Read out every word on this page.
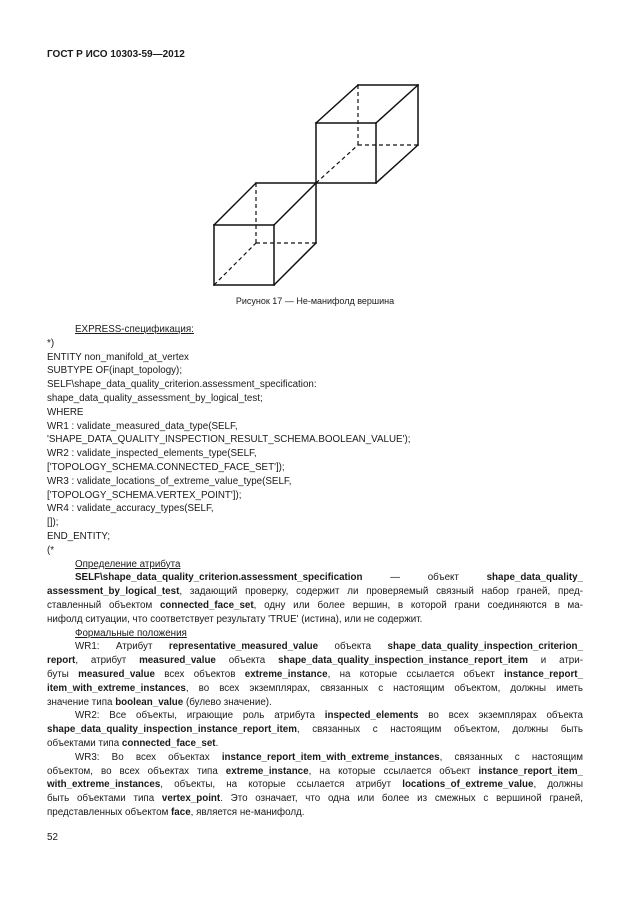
ГОСТ Р ИСО 10303-59—2012
Рисунок 17 — Не-манифолд вершина
EXPRESS-спецификация:
*)
ENTITY non_manifold_at_vertex
SUBTYPE OF(inapt_topology);
SELF\shape_data_quality_criterion.assessment_specification:
shape_data_quality_assessment_by_logical_test;
WHERE
WR1 : validate_measured_data_type(SELF,
'SHAPE_DATA_QUALITY_INSPECTION_RESULT_SCHEMA.BOOLEAN_VALUE');
WR2 : validate_inspected_elements_type(SELF,
['TOPOLOGY_SCHEMA.CONNECTED_FACE_SET']);
WR3 : validate_locations_of_extreme_value_type(SELF,
['TOPOLOGY_SCHEMA.VERTEX_POINT']);
WR4 : validate_accuracy_types(SELF,
[]);
END_ENTITY;
(*
Определение атрибута
SELF\shape_data_quality_criterion.assessment_specification — объект shape_data_quality_
assessment_by_logical_test, задающий проверку, содержит ли проверяемый связный набор граней, пред-
ставленный объектом connected_face_set, одну или более вершин, в которой грани соединяются в ма-
нифолд ситуации, что соответствует результату 'TRUE' (истина), или не содержит.
Формальные положения
WR1: Атрибут representative_measured_value объекта shape_data_quality_inspection_criterion_
report, атрибут measured_value объекта shape_data_quality_inspection_instance_report_item и атри-
буты measured_value всех объектов extreme_instance, на которые ссылается объект instance_report_
item_with_extreme_instances, во всех экземплярах, связанных с настоящим объектом, должны иметь
значение типа boolean_value (булево значение).
WR2: Все объекты, играющие роль атрибута inspected_elements во всех экземплярах объекта
shape_data_quality_inspection_instance_report_item, связанных с настоящим объектом, должны быть
объектами типа connected_face_set.
WR3: Во всех объектах instance_report_item_with_extreme_instances, связанных с настоящим
объектом, во всех объектах типа extreme_instance, на которые ссылается объект instance_report_item_
with_extreme_instances, объекты, на которые ссылается атрибут locations_of_extreme_value, должны
быть объектами типа vertex_point. Это означает, что одна или более из смежных с вершиной граней,
представленных объектом face, является не-манифолд.
52
